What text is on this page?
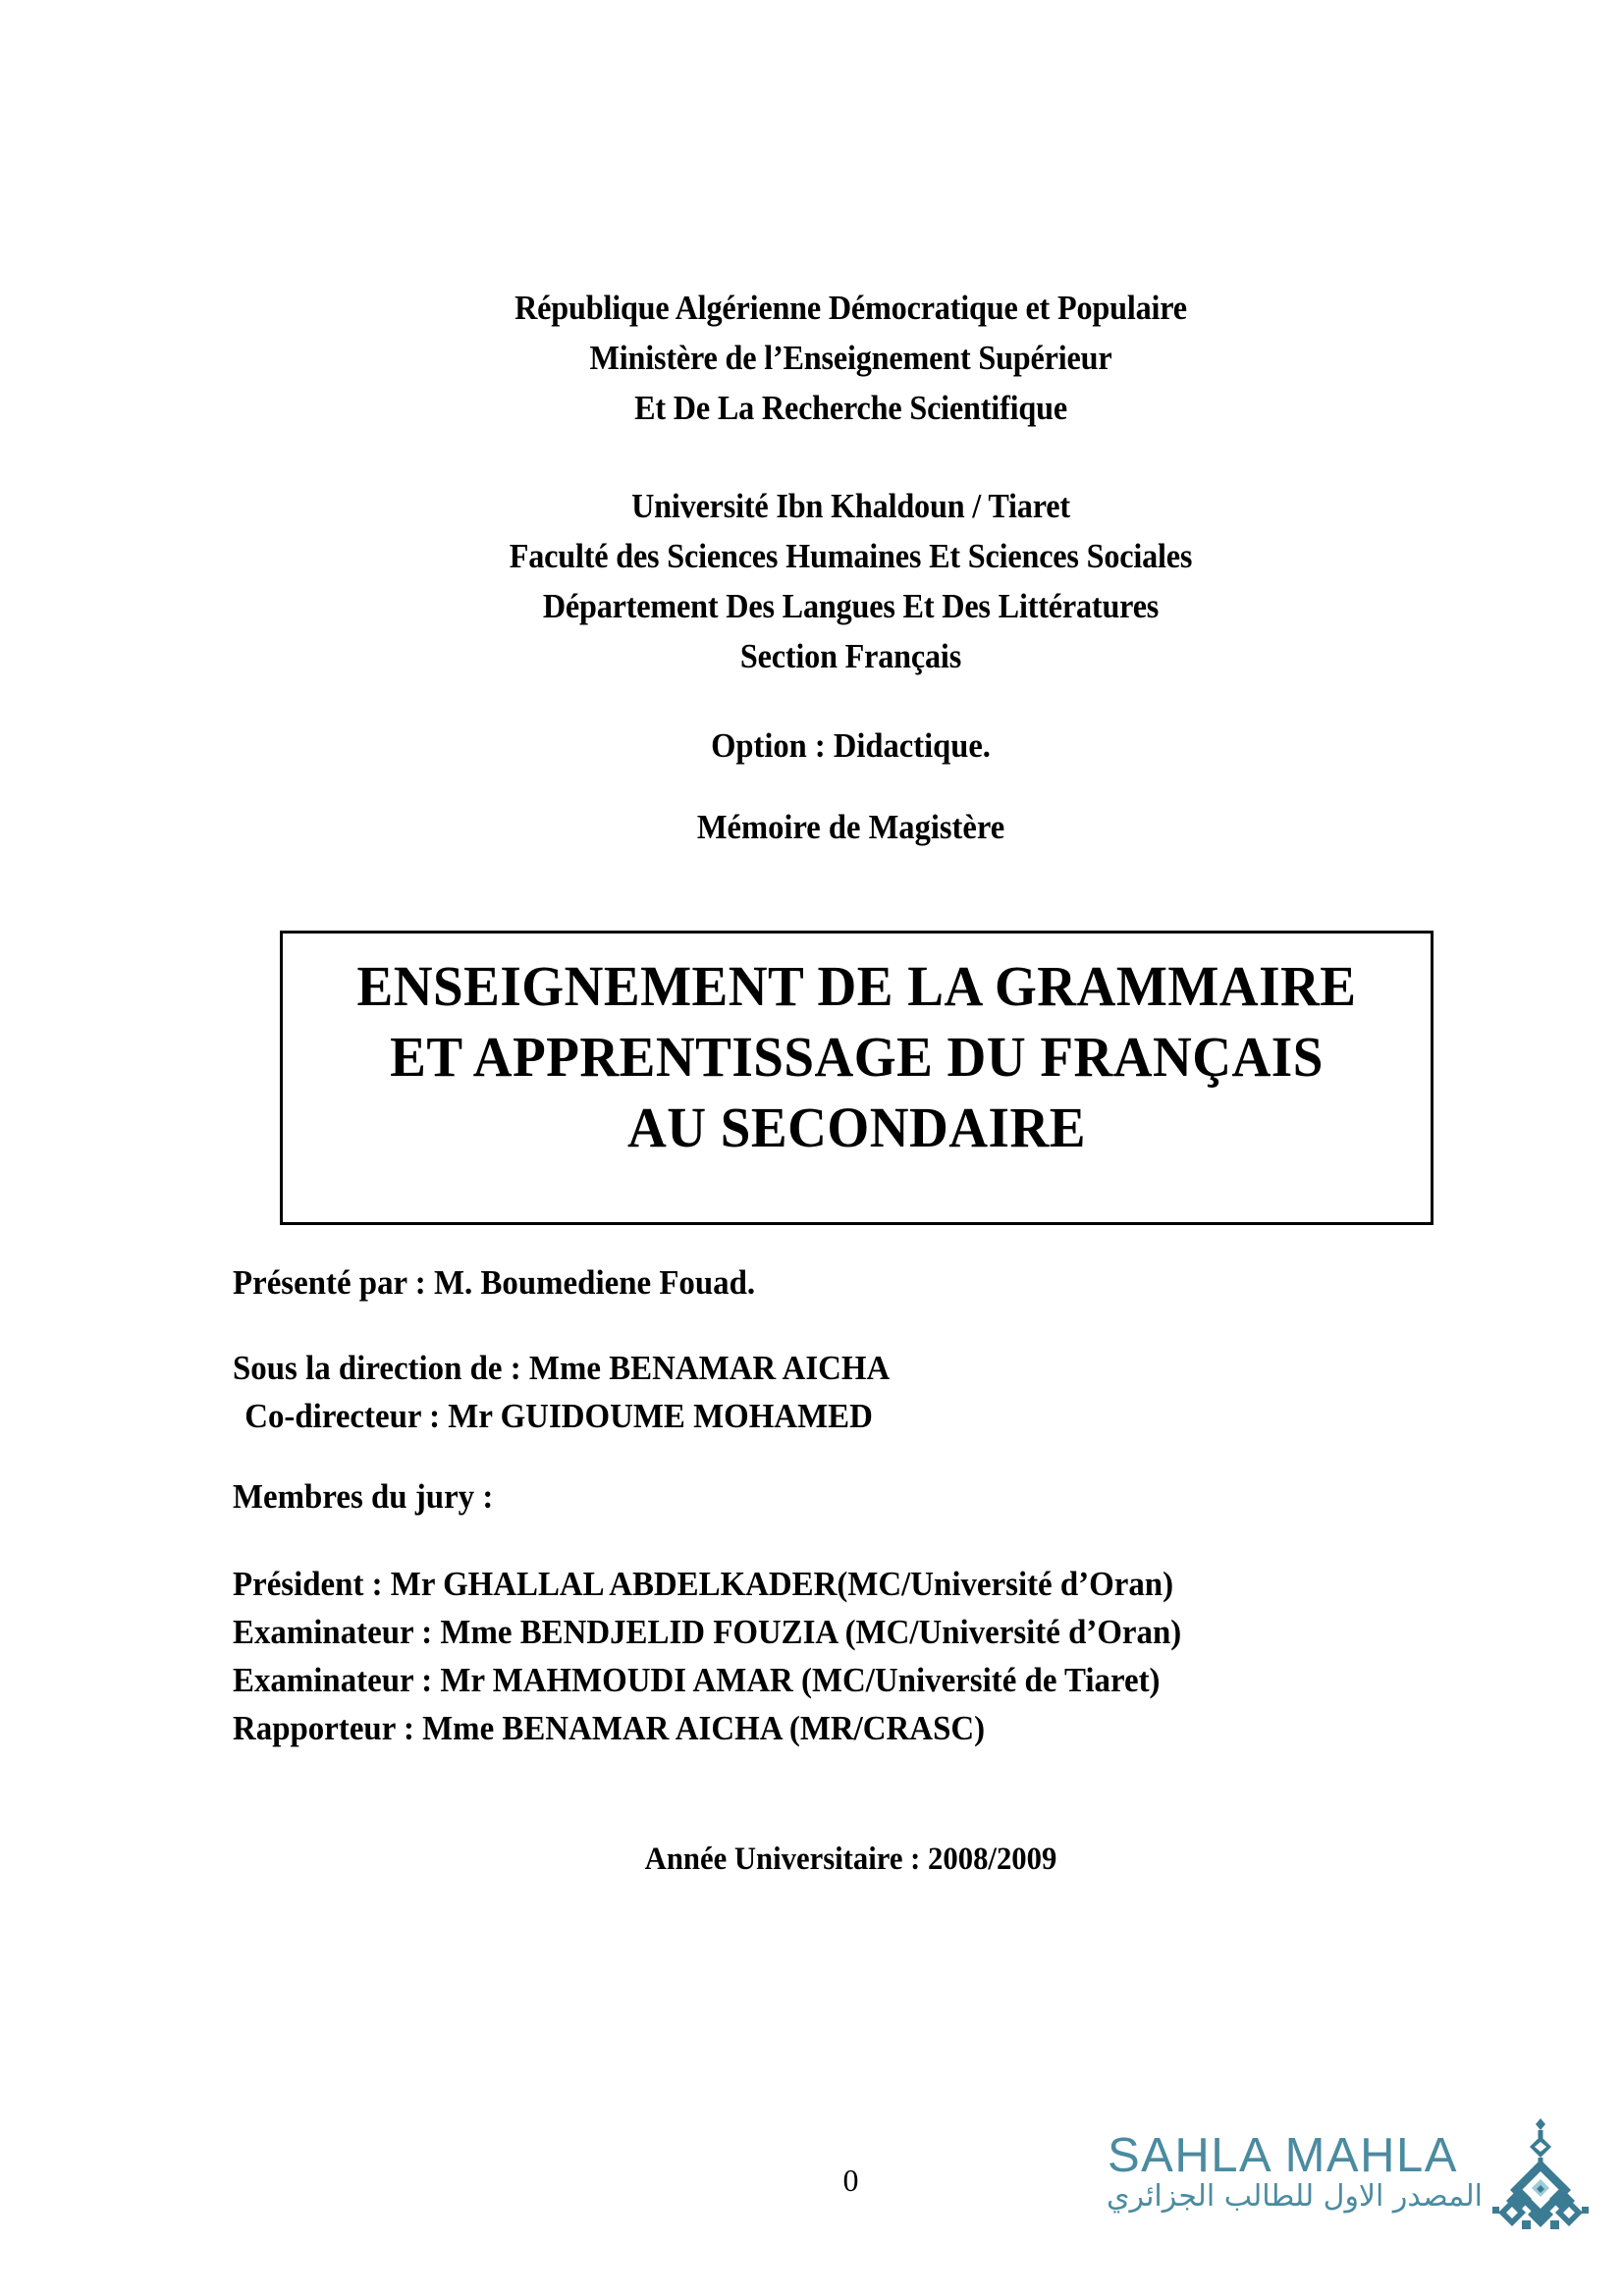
République Algérienne Démocratique et Populaire
Ministère de l’Enseignement Supérieur
Et De La Recherche Scientifique
Université Ibn Khaldoun / Tiaret
Faculté des Sciences Humaines Et Sciences Sociales
Département Des Langues Et Des Littératures
Section Français
Option : Didactique.
Mémoire de Magistère
ENSEIGNEMENT DE LA GRAMMAIRE
ET APPRENTISSAGE DU FRANÇAIS
AU SECONDAIRE
Présenté par : M. Boumediene Fouad.
Sous la direction de : Mme BENAMAR AICHA
Co-directeur : Mr GUIDOUME MOHAMED
Membres du jury :
Président : Mr GHALLAL ABDELKADER(MC/Université d’Oran)
Examinateur : Mme BENDJELID FOUZIA (MC/Université d’Oran)
Examinateur : Mr MAHMOUDI AMAR (MC/Université de Tiaret)
Rapporteur : Mme BENAMAR AICHA (MR/CRASC)
Année Universitaire : 2008/2009
0	SAHLA MAHLA
المصدر الاول للطالب الجزائري
